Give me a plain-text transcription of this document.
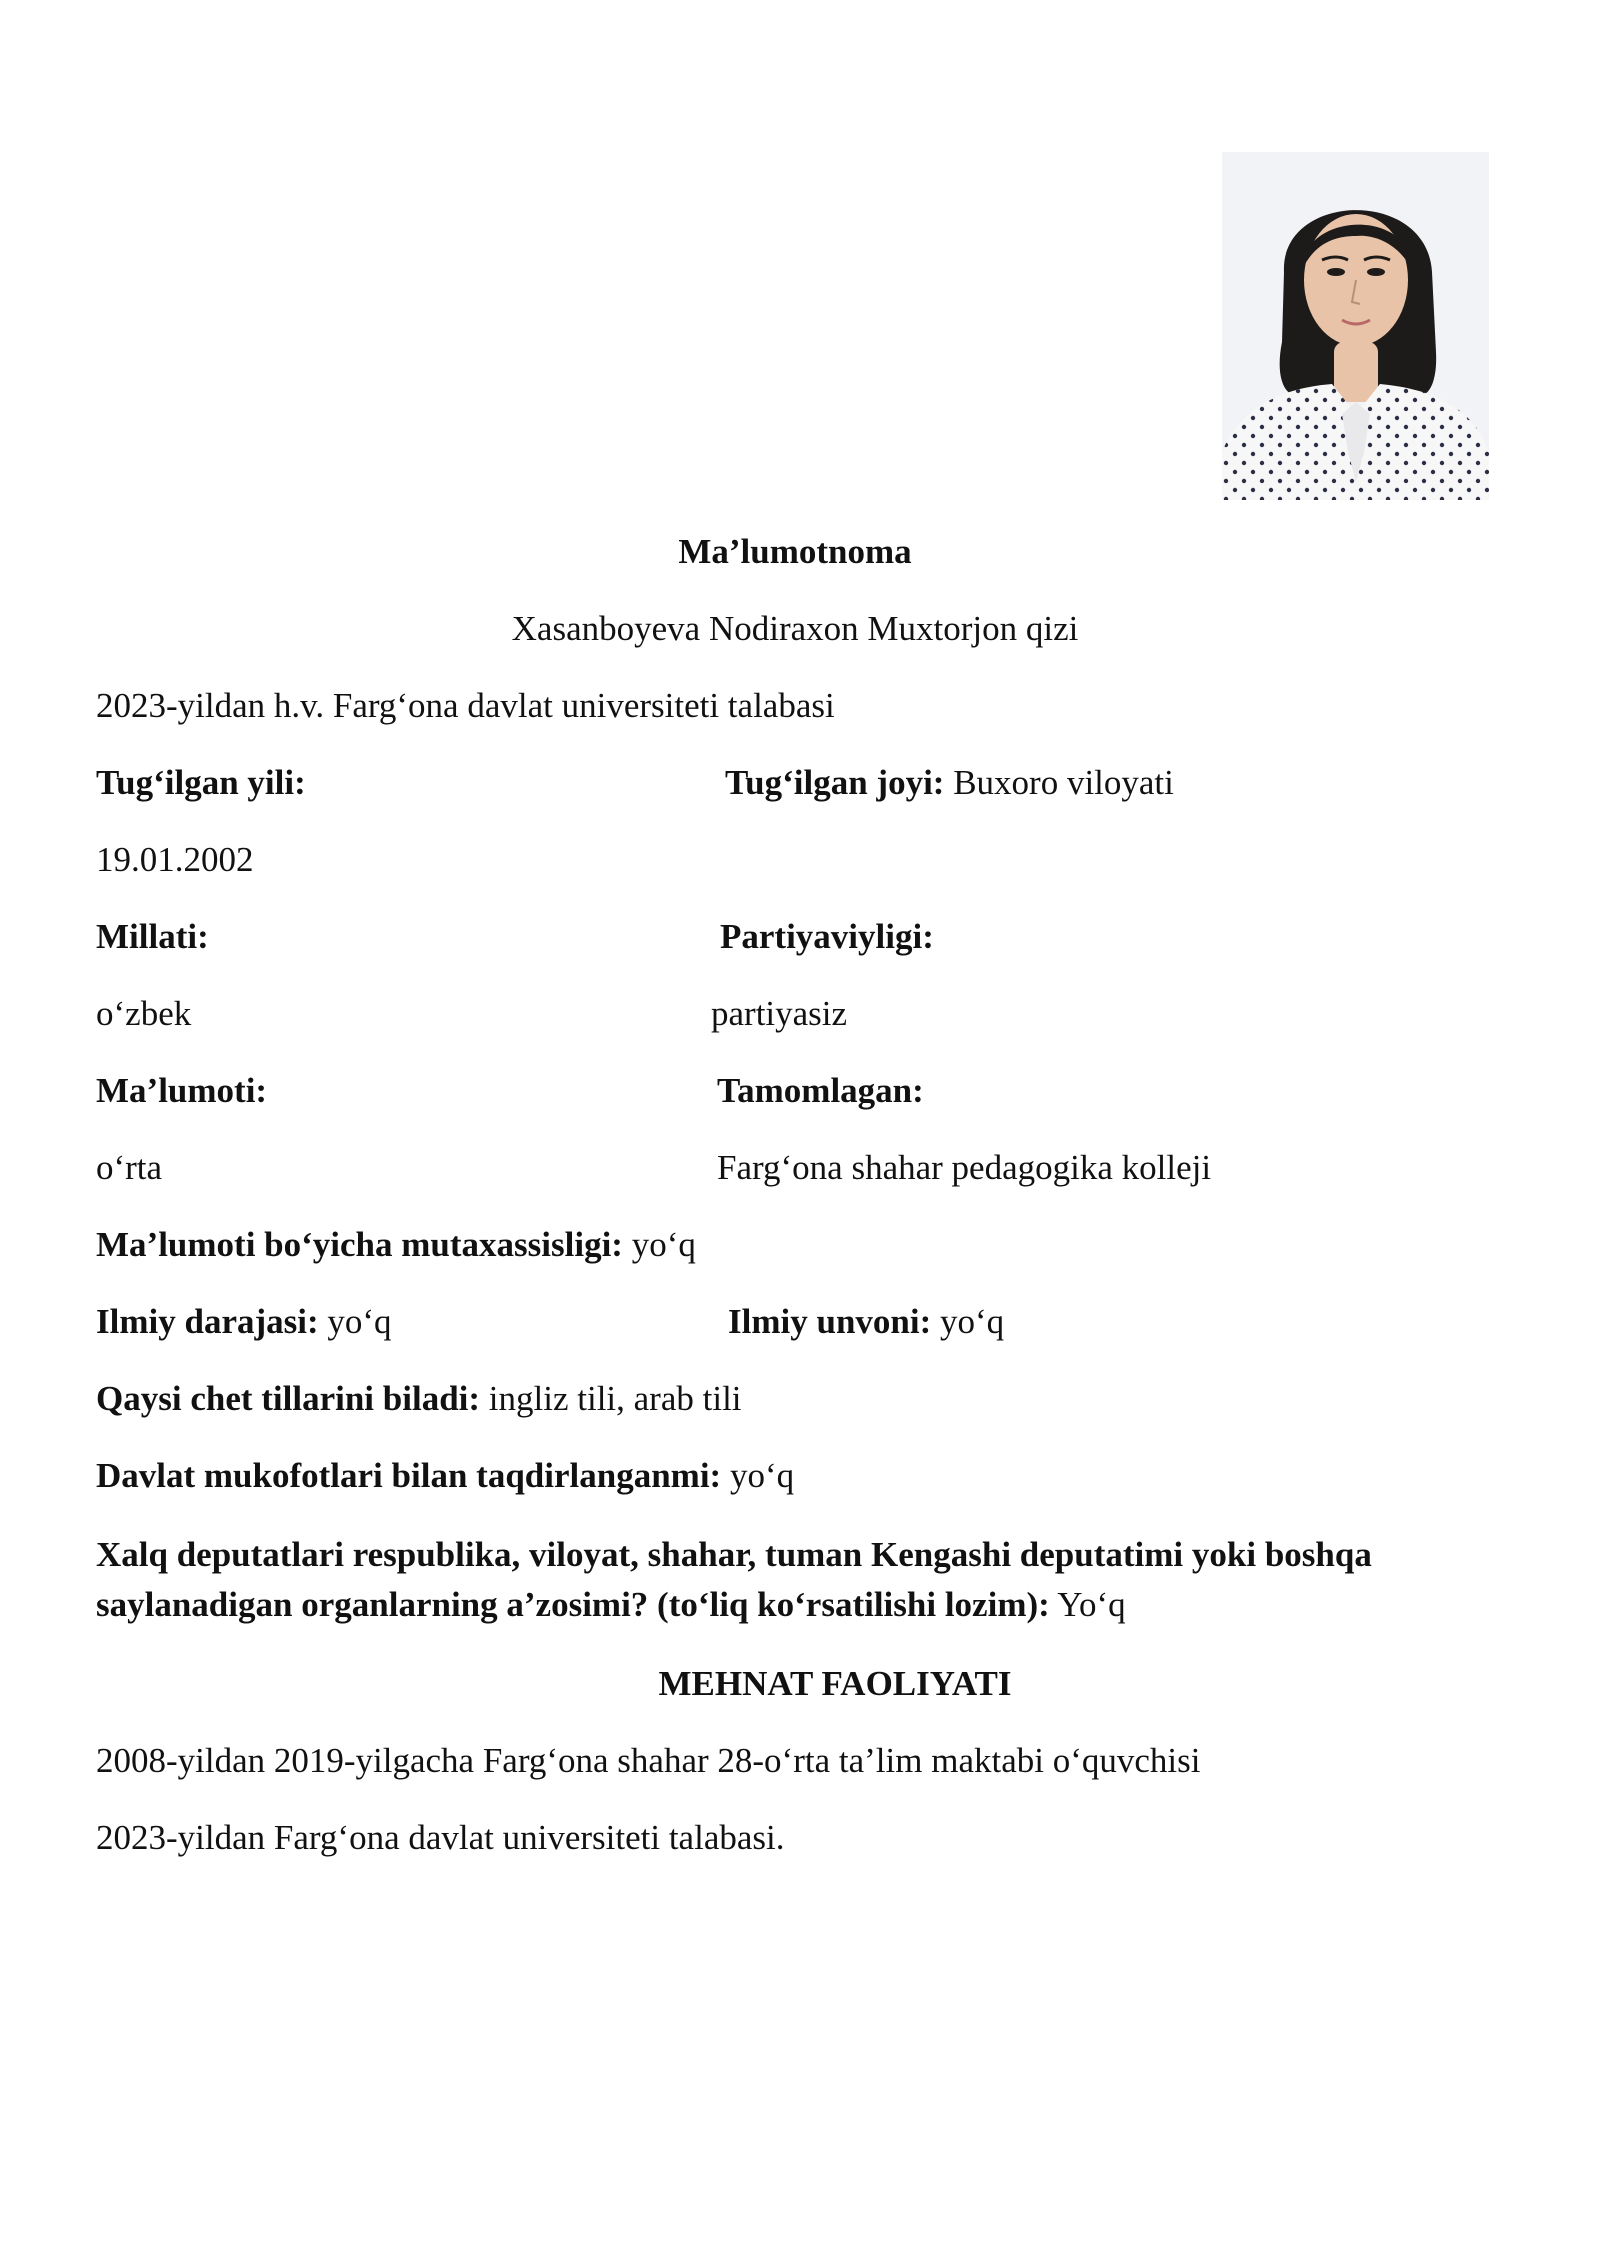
Ma’lumotnoma
Xasanboyeva Nodiraxon Muxtorjon qizi
2023-yildan h.v. Farg‘ona davlat universiteti talabasi
Tug‘ilgan yili:	Tug‘ilgan joyi: Buxoro viloyati
19.01.2002
Millati:	Partiyaviyligi:
o‘zbek	partiyasiz
Ma’lumoti:	Tamomlagan:
o‘rta	Farg‘ona shahar pedagogika kolleji
Ma’lumoti bo‘yicha mutaxassisligi: yo‘q
Ilmiy darajasi: yo‘q	Ilmiy unvoni: yo‘q
Qaysi chet tillarini biladi: ingliz tili, arab tili
Davlat mukofotlari bilan taqdirlanganmi: yo‘q
Xalq deputatlari respublika, viloyat, shahar, tuman Kengashi deputatimi yoki boshqa saylanadigan organlarning a’zosimi? (to‘liq ko‘rsatilishi lozim): Yo‘q
MEHNAT FAOLIYATI
2008-yildan 2019-yilgacha Farg‘ona shahar 28-o‘rta ta’lim maktabi o‘quvchisi
2023-yildan Farg‘ona davlat universiteti talabasi.
